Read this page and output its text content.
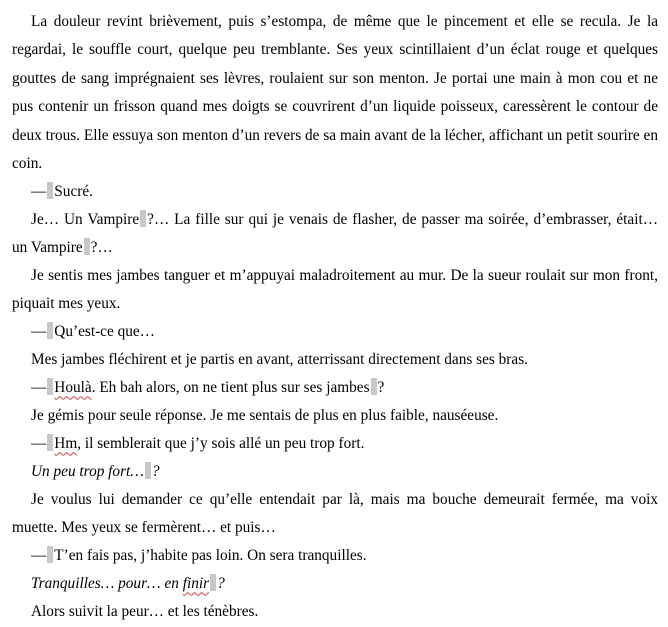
La douleur revint brièvement, puis s’estompa, de même que le pincement et elle se recula. Je la regardai, le souffle court, quelque peu tremblante. Ses yeux scintillaient d’un éclat rouge et quelques gouttes de sang imprégnaient ses lèvres, roulaient sur son menton. Je portai une main à mon cou et ne pus contenir un frisson quand mes doigts se couvrirent d’un liquide poisseux, caressèrent le contour de deux trous. Elle essuya son menton d’un revers de sa main avant de la lécher, affichant un petit sourire en coin.

— Sucré.

Je… Un Vampire ?… La fille sur qui je venais de flasher, de passer ma soirée, d’embrasser, était… un Vampire ?…

Je sentis mes jambes tanguer et m’appuyai maladroitement au mur. De la sueur roulait sur mon front, piquait mes yeux.

— Qu’est-ce que…

Mes jambes fléchirent et je partis en avant, atterrissant directement dans ses bras.

— Houlà. Eh bah alors, on ne tient plus sur ses jambes ?

Je gémis pour seule réponse. Je me sentais de plus en plus faible, nauséeuse.

— Hm, il semblerait que j’y sois allé un peu trop fort.

Un peu trop fort… ?

Je voulus lui demander ce qu’elle entendait par là, mais ma bouche demeurait fermée, ma voix muette. Mes yeux se fermèrent… et puis…

— T’en fais pas, j’habite pas loin. On sera tranquilles.

Tranquilles… pour… en finir ?

Alors suivit la peur… et les ténèbres.
